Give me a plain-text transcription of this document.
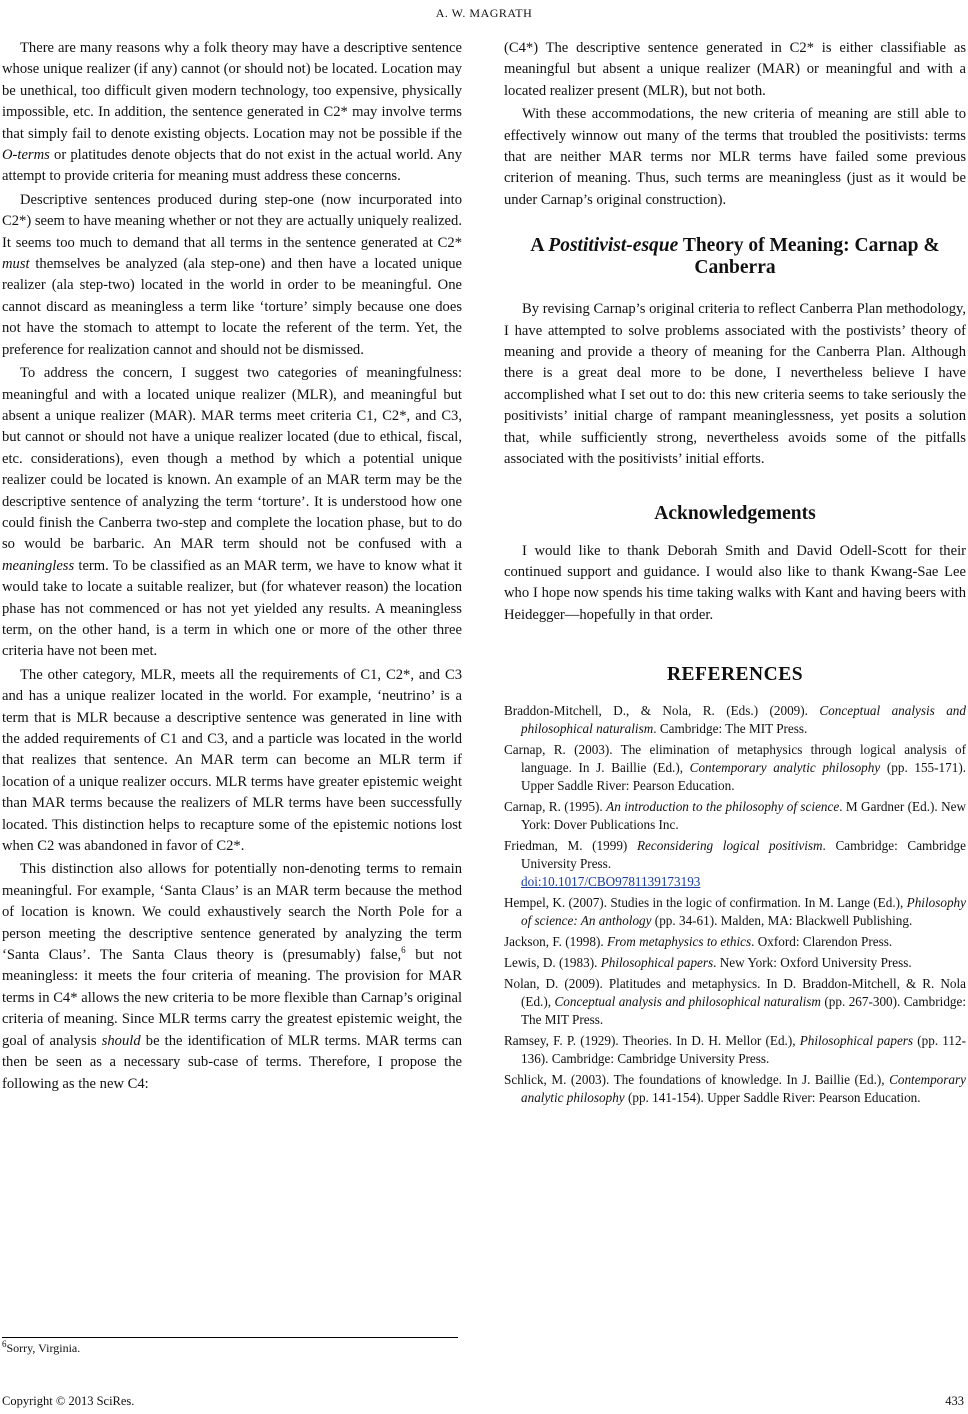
A. W. MAGRATH

There are many reasons why a folk theory may have a descriptive sentence whose unique realizer (if any) cannot (or should not) be located. Location may be unethical, too difficult given modern technology, too expensive, physically impossible, etc. In addition, the sentence generated in C2* may involve terms that simply fail to denote existing objects. Location may not be possible if the O-terms or platitudes denote objects that do not exist in the actual world. Any attempt to provide criteria for meaning must address these concerns.

Descriptive sentences produced during step-one (now incurporated into C2*) seem to have meaning whether or not they are actually uniquely realized. It seems too much to demand that all terms in the sentence generated at C2* must themselves be analyzed (ala step-one) and then have a located unique realizer (ala step-two) located in the world in order to be meaningful. One cannot discard as meaningless a term like ‘torture’ simply because one does not have the stomach to attempt to locate the referent of the term. Yet, the preference for realization cannot and should not be dismissed.

To address the concern, I suggest two categories of meaningfulness: meaningful and with a located unique realizer (MLR), and meaningful but absent a unique realizer (MAR). MAR terms meet criteria C1, C2*, and C3, but cannot or should not have a unique realizer located (due to ethical, fiscal, etc. considerations), even though a method by which a potential unique realizer could be located is known. An example of an MAR term may be the descriptive sentence of analyzing the term ‘torture’. It is understood how one could finish the Canberra two-step and complete the location phase, but to do so would be barbaric. An MAR term should not be confused with a meaningless term. To be classified as an MAR term, we have to know what it would take to locate a suitable realizer, but (for whatever reason) the location phase has not commenced or has not yet yielded any results. A meaningless term, on the other hand, is a term in which one or more of the other three criteria have not been met.

The other category, MLR, meets all the requirements of C1, C2*, and C3 and has a unique realizer located in the world. For example, ‘neutrino’ is a term that is MLR because a descriptive sentence was generated in line with the added requirements of C1 and C3, and a particle was located in the world that realizes that sentence. An MAR term can become an MLR term if location of a unique realizer occurs. MLR terms have greater epistemic weight than MAR terms because the realizers of MLR terms have been successfully located. This distinction helps to recapture some of the epistemic notions lost when C2 was abandoned in favor of C2*.

This distinction also allows for potentially non-denoting terms to remain meaningful. For example, ‘Santa Claus’ is an MAR term because the method of location is known. We could exhaustively search the North Pole for a person meeting the descriptive sentence generated by analyzing the term ‘Santa Claus’. The Santa Claus theory is (presumably) false,$^6$ but not meaningless: it meets the four criteria of meaning. The provision for MAR terms in C4* allows the new criteria to be more flexible than Carnap’s original criteria of meaning. Since MLR terms carry the greatest epistemic weight, the goal of analysis should be the identification of MLR terms. MAR terms can then be seen as a necessary sub-case of terms. Therefore, I propose the following as the new C4:

(C4*) The descriptive sentence generated in C2* is either classifiable as meaningful but absent a unique realizer (MAR) or meaningful and with a located realizer present (MLR), but not both.

With these accommodations, the new criteria of meaning are still able to effectively winnow out many of the terms that troubled the positivists: terms that are neither MAR terms nor MLR terms have failed some previous criterion of meaning. Thus, such terms are meaningless (just as it would be under Carnap’s original construction).

A Postitivist-esque Theory of Meaning: Carnap & Canberra

By revising Carnap’s original criteria to reflect Canberra Plan methodology, I have attempted to solve problems associated with the postivists’ theory of meaning and provide a theory of meaning for the Canberra Plan. Although there is a great deal more to be done, I nevertheless believe I have accomplished what I set out to do: this new criteria seems to take seriously the positivists’ initial charge of rampant meaninglessness, yet posits a solution that, while sufficiently strong, nevertheless avoids some of the pitfalls associated with the positivists’ initial efforts.

Acknowledgements

I would like to thank Deborah Smith and David Odell-Scott for their continued support and guidance. I would also like to thank Kwang-Sae Lee who I hope now spends his time taking walks with Kant and having beers with Heidegger—hopefully in that order.

REFERENCES
Braddon-Mitchell, D., & Nola, R. (Eds.) (2009). Conceptual analysis and philosophical naturalism. Cambridge: The MIT Press.
Carnap, R. (2003). The elimination of metaphysics through logical analysis of language. In J. Baillie (Ed.), Contemporary analytic philosophy (pp. 155-171). Upper Saddle River: Pearson Education.
Carnap, R. (1995). An introduction to the philosophy of science. M Gardner (Ed.). New York: Dover Publications Inc.
Friedman, M. (1999) Reconsidering logical positivism. Cambridge: Cambridge University Press.
doi:10.1017/CBO9781139173193
Hempel, K. (2007). Studies in the logic of confirmation. In M. Lange (Ed.), Philosophy of science: An anthology (pp. 34-61). Malden, MA: Blackwell Publishing.
Jackson, F. (1998). From metaphysics to ethics. Oxford: Clarendon Press.
Lewis, D. (1983). Philosophical papers. New York: Oxford University Press.
Nolan, D. (2009). Platitudes and metaphysics. In D. Braddon-Mitchell, & R. Nola (Ed.), Conceptual analysis and philosophical naturalism (pp. 267-300). Cambridge: The MIT Press.
Ramsey, F. P. (1929). Theories. In D. H. Mellor (Ed.), Philosophical papers (pp. 112-136). Cambridge: Cambridge University Press.
Schlick, M. (2003). The foundations of knowledge. In J. Baillie (Ed.), Contemporary analytic philosophy (pp. 141-154). Upper Saddle River: Pearson Education.
$^6$Sorry, Virginia.
Copyright © 2013 SciRes.	433
